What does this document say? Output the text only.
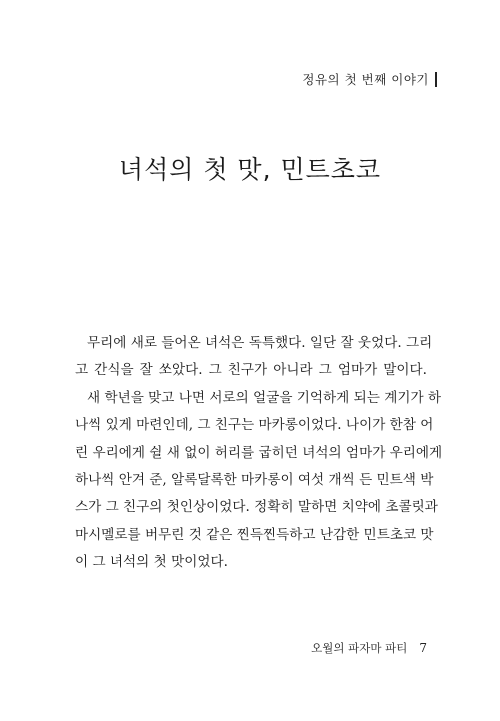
정유의 첫 번째 이야기
녀석의 첫 맛, 민트초코
무리에 새로 들어온 녀석은 독특했다. 일단 잘 웃었다. 그리
고 간식을 잘 쏘았다. 그 친구가 아니라 그 엄마가 말이다.
새 학년을 맞고 나면 서로의 얼굴을 기억하게 되는 계기가 하
나씩 있게 마련인데, 그 친구는 마카롱이었다. 나이가 한참 어
린 우리에게 쉴 새 없이 허리를 굽히던 녀석의 엄마가 우리에게
하나씩 안겨 준, 알록달록한 마카롱이 여섯 개씩 든 민트색 박
스가 그 친구의 첫인상이었다. 정확히 말하면 치약에 초콜릿과
마시멜로를 버무린 것 같은 찐득찐득하고 난감한 민트초코 맛
이 그 녀석의 첫 맛이었다.
오월의 파자마 파티 7
